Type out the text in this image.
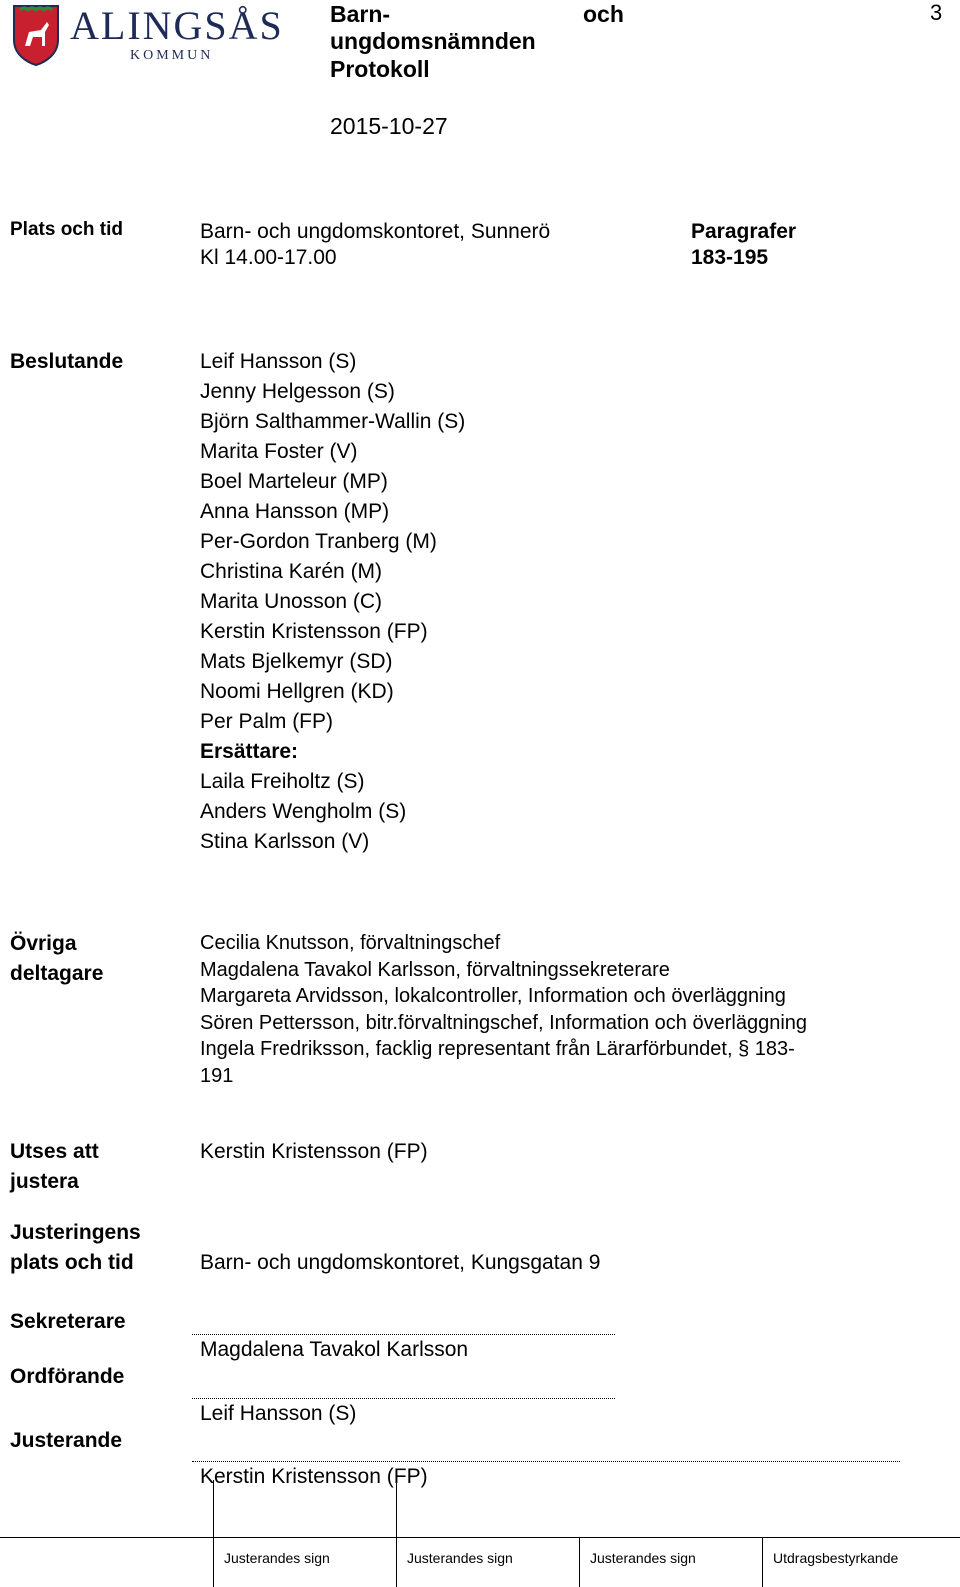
ALINGSÅS
KOMMUN
Barn-	och
ungdomsnämnden
Protokoll
3
2015-10-27
Plats och tid	Barn- och ungdomskontoret, Sunnerö
Kl 14.00-17.00
Paragrafer
183-195
Beslutande	Leif Hansson (S)
Jenny Helgesson (S)
Björn Salthammer-Wallin (S)
Marita Foster (V)
Boel Marteleur (MP)
Anna Hansson (MP)
Per-Gordon Tranberg (M)
Christina Karén (M)
Marita Unosson (C)
Kerstin Kristensson (FP)
Mats Bjelkemyr (SD)
Noomi Hellgren (KD)
Per Palm (FP)
Ersättare:
Laila Freiholtz (S)
Anders Wengholm (S)
Stina Karlsson (V)
Övriga
deltagare
Cecilia Knutsson, förvaltningschef
Magdalena Tavakol Karlsson, förvaltningssekreterare
Margareta Arvidsson, lokalcontroller, Information och överläggning
Sören Pettersson, bitr.förvaltningschef, Information och överläggning
Ingela Fredriksson, facklig representant från Lärarförbundet, § 183-
191
Utses att
justera
Kerstin Kristensson (FP)
Justeringens
plats och tid	Barn- och ungdomskontoret, Kungsgatan 9
Sekreterare
Magdalena Tavakol Karlsson
Ordförande
Leif Hansson (S)
Justerande
Kerstin Kristensson (FP)
Justerandes sign	Justerandes sign	Justerandes sign	Utdragsbestyrkande
